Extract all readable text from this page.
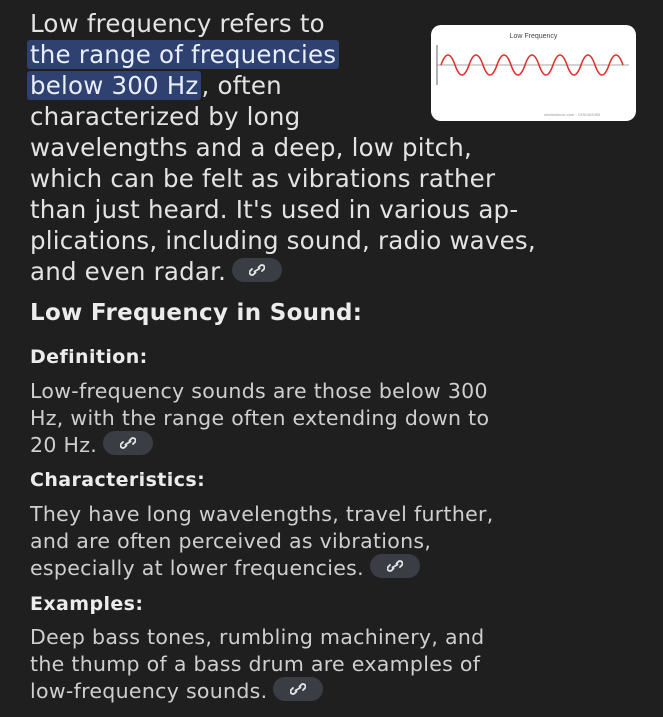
Low frequency refers to
the range of frequencies
below 300 Hz , often
characterized by long
wavelengths and a deep, low pitch,
which can be felt as vibrations rather
than just heard. It's used in various ap-
plications, including sound, radio waves,
and even radar.
Low Frequency
shutterstock.com · 1930402085
Low Frequency in Sound:
Definition:
Low-frequency sounds are those below 300
Hz, with the range often extending down to
20 Hz.
Characteristics:
They have long wavelengths, travel further,
and are often perceived as vibrations,
especially at lower frequencies.
Examples:
Deep bass tones, rumbling machinery, and
the thump of a bass drum are examples of
low-frequency sounds.
